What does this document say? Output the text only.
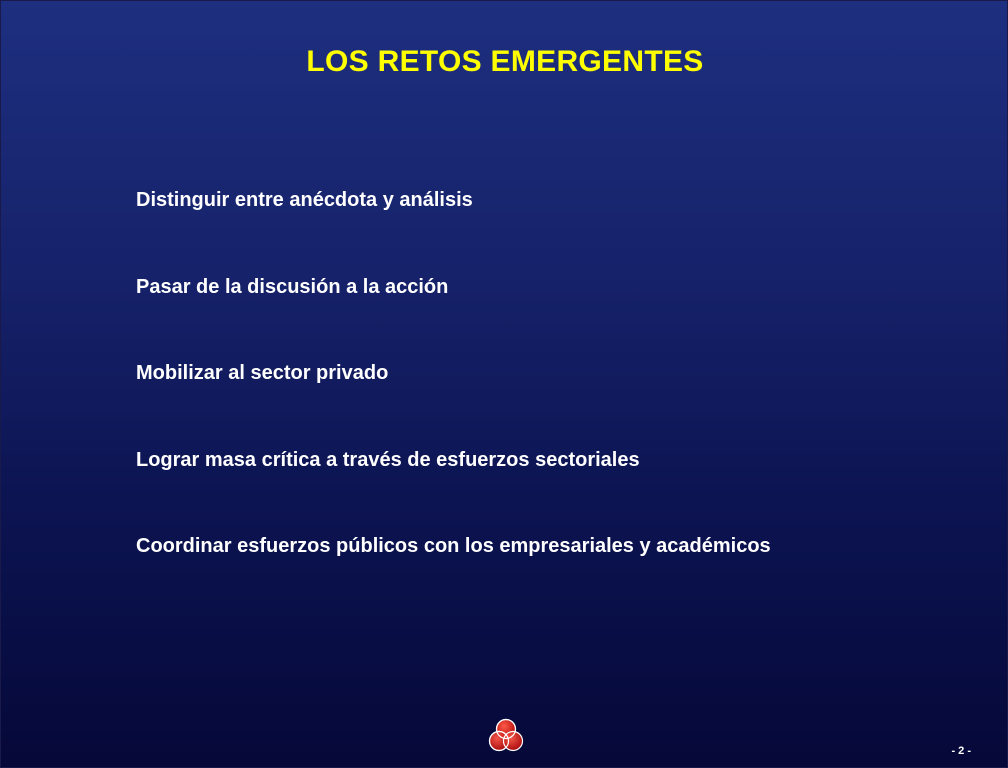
LOS RETOS EMERGENTES
Distinguir entre anécdota y análisis
Pasar de la discusión a la acción
Mobilizar al sector privado
Lograr masa crítica a través de esfuerzos sectoriales
Coordinar esfuerzos públicos con los empresariales y académicos
- 2 -
